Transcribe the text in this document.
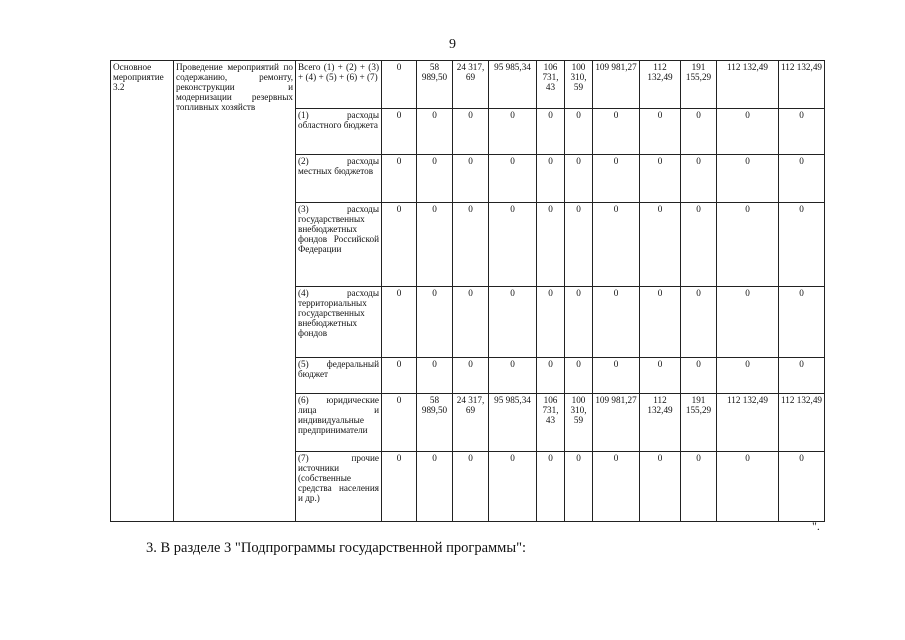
9
Основное мероприятие 3.2	Проведение мероприятий по содержанию, ремонту, реконструкции и модернизации резервных топливных хозяйств	Всего (1) + (2) + (3) + (4) + (5) + (6) + (7)	0	58 989,50	24 317, 69	95 985,34	106 731, 43	100 310, 59	109 981,27	112 132,49	191 155,29	112 132,49	112 132,49
		(1) расходы областного бюджета	0	0	0	0	0	0	0	0	0	0	0
		(2) расходы местных бюджетов	0	0	0	0	0	0	0	0	0	0	0
		(3) расходы государственных внебюджетных фондов Российской Федерации	0	0	0	0	0	0	0	0	0	0	0
		(4) расходы территориальных государственных внебюджетных фондов	0	0	0	0	0	0	0	0	0	0	0
		(5) федеральный бюджет	0	0	0	0	0	0	0	0	0	0	0
		(6) юридические лица и индивидуальные предприниматели	0	58 989,50	24 317, 69	95 985,34	106 731, 43	100 310, 59	109 981,27	112 132,49	191 155,29	112 132,49	112 132,49
		(7) прочие источники (собственные средства населения и др.)	0	0	0	0	0	0	0	0	0	0	0
".
3. В разделе 3 "Подпрограммы государственной программы":
